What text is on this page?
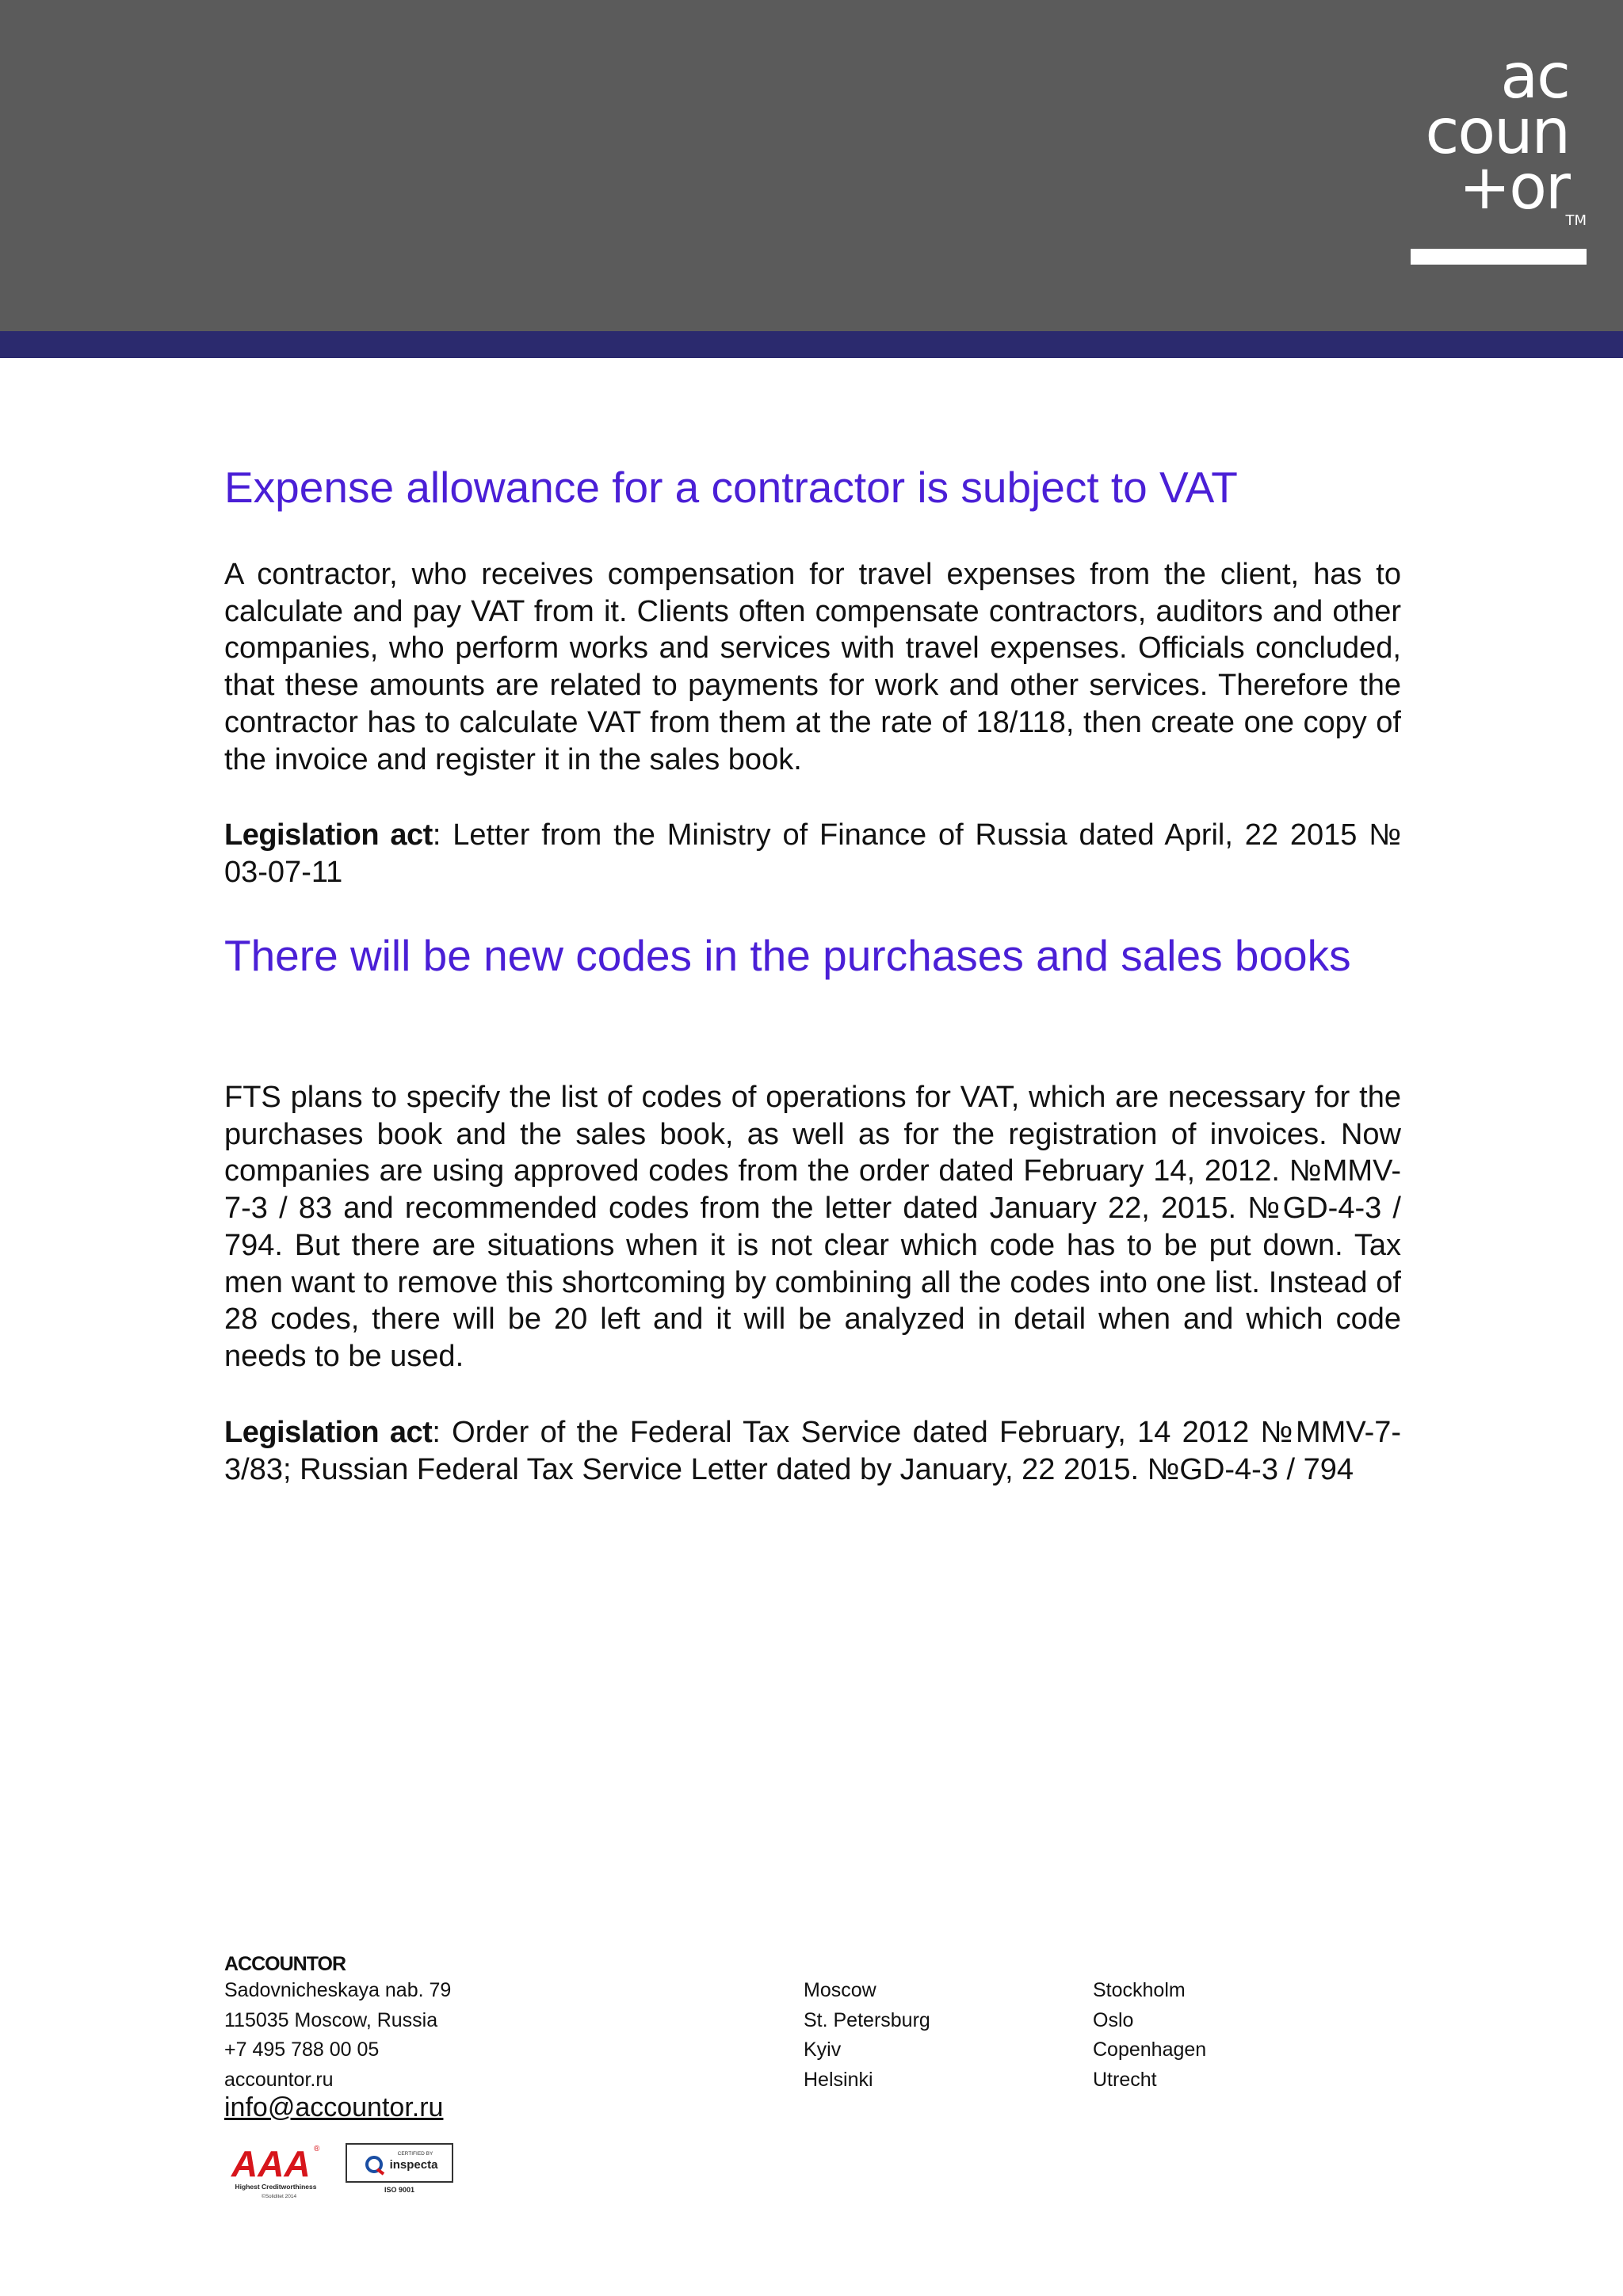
ac
coun
+or
TM
Expense allowance for a contractor is subject to VAT

A contractor, who receives compensation for travel expenses from the client, has to calculate and pay VAT from it. Clients often compensate contractors, auditors and other companies, who perform works and services with travel expenses. Officials concluded, that these amounts are related to payments for work and other services. Therefore the contractor has to calculate VAT from them at the rate of 18/118, then create one copy of the invoice and register it in the sales book.

Legislation act: Letter from the Ministry of Finance of Russia dated April, 22 2015 № 03-07-11

There will be new codes in the purchases and sales books

FTS plans to specify the list of codes of operations for VAT, which are necessary for the purchases book and the sales book, as well as for the registration of invoices. Now companies are using approved codes from the order dated February 14, 2012. №MMV-7-3 / 83 and recommended codes from the letter dated January 22, 2015. №GD-4-3 / 794. But there are situations when it is not clear which code has to be put down. Tax men want to remove this shortcoming by combining all the codes into one list. Instead of 28 codes, there will be 20 left and it will be analyzed in detail when and which code needs to be used.

Legislation act: Order of the Federal Tax Service dated February, 14 2012 №MMV-7-3/83; Russian Federal Tax Service Letter dated by January, 22 2015. №GD-4-3 / 794

ACCOUNTOR
Sadovnicheskaya nab. 79
115035 Moscow, Russia
+7 495 788 00 05
accountor.ru
Moscow
St. Petersburg
Kyiv
Helsinki
Stockholm
Oslo
Copenhagen
Utrecht
info@accountor.ru
AAA ®
Highest Creditworthiness
©Soliditet 2014
CERTIFIED BY
inspecta
ISO 9001
